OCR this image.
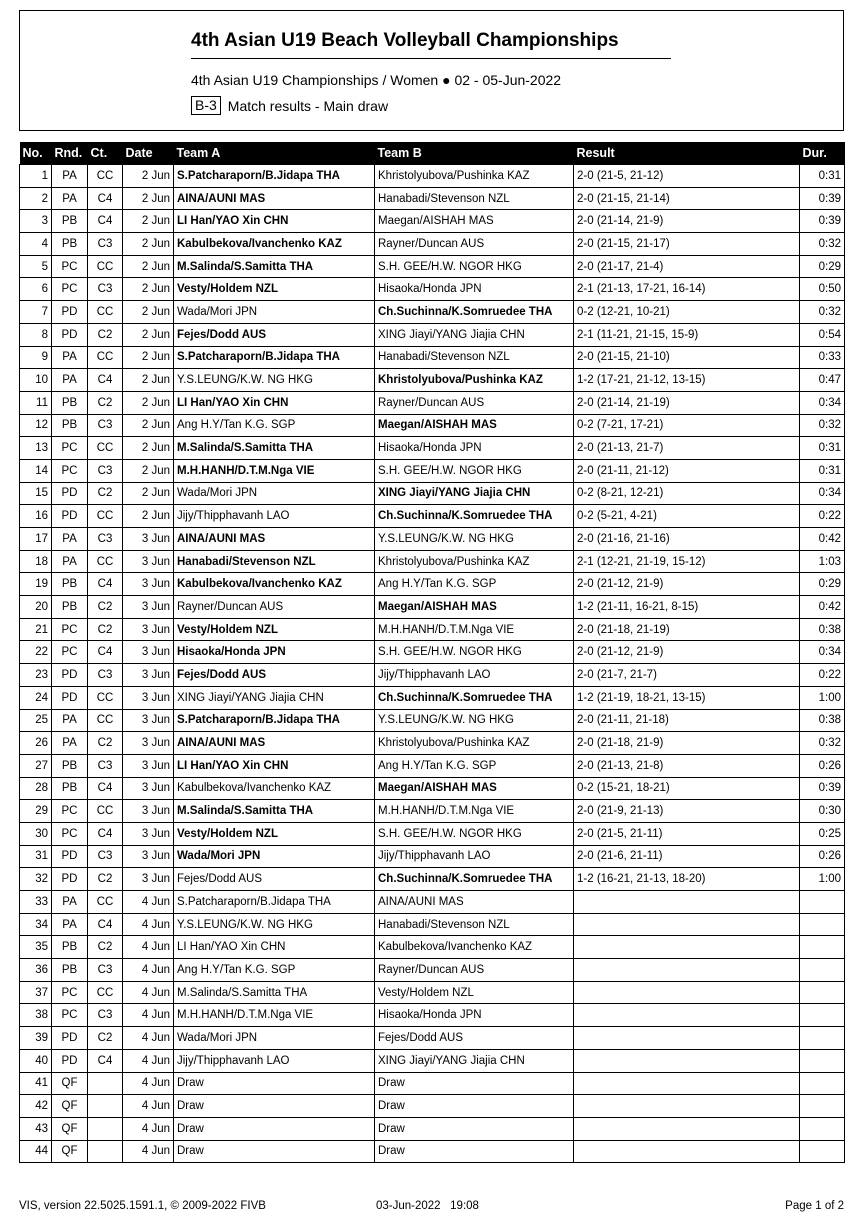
4th Asian U19 Beach Volleyball Championships
4th Asian U19 Championships / Women ● 02 - 05-Jun-2022
B-3 Match results - Main draw
No.	Rnd.	Ct.	Date	Team A	Team B	Result	Dur.
1	PA	CC	2 Jun	S.Patcharaporn/B.Jidapa THA	Khristolyubova/Pushinka KAZ	2-0 (21-5, 21-12)	0:31
2	PA	C4	2 Jun	AINA/AUNI MAS	Hanabadi/Stevenson NZL	2-0 (21-15, 21-14)	0:39
3	PB	C4	2 Jun	LI Han/YAO Xin CHN	Maegan/AISHAH MAS	2-0 (21-14, 21-9)	0:39
4	PB	C3	2 Jun	Kabulbekova/Ivanchenko KAZ	Rayner/Duncan AUS	2-0 (21-15, 21-17)	0:32
5	PC	CC	2 Jun	M.Salinda/S.Samitta THA	S.H. GEE/H.W. NGOR HKG	2-0 (21-17, 21-4)	0:29
6	PC	C3	2 Jun	Vesty/Holdem NZL	Hisaoka/Honda JPN	2-1 (21-13, 17-21, 16-14)	0:50
7	PD	CC	2 Jun	Wada/Mori JPN	Ch.Suchinna/K.Somruedee THA	0-2 (12-21, 10-21)	0:32
8	PD	C2	2 Jun	Fejes/Dodd AUS	XING Jiayi/YANG Jiajia CHN	2-1 (11-21, 21-15, 15-9)	0:54
9	PA	CC	2 Jun	S.Patcharaporn/B.Jidapa THA	Hanabadi/Stevenson NZL	2-0 (21-15, 21-10)	0:33
10	PA	C4	2 Jun	Y.S.LEUNG/K.W. NG HKG	Khristolyubova/Pushinka KAZ	1-2 (17-21, 21-12, 13-15)	0:47
11	PB	C2	2 Jun	LI Han/YAO Xin CHN	Rayner/Duncan AUS	2-0 (21-14, 21-19)	0:34
12	PB	C3	2 Jun	Ang H.Y/Tan K.G. SGP	Maegan/AISHAH MAS	0-2 (7-21, 17-21)	0:32
13	PC	CC	2 Jun	M.Salinda/S.Samitta THA	Hisaoka/Honda JPN	2-0 (21-13, 21-7)	0:31
14	PC	C3	2 Jun	M.H.HANH/D.T.M.Nga VIE	S.H. GEE/H.W. NGOR HKG	2-0 (21-11, 21-12)	0:31
15	PD	C2	2 Jun	Wada/Mori JPN	XING Jiayi/YANG Jiajia CHN	0-2 (8-21, 12-21)	0:34
16	PD	CC	2 Jun	Jijy/Thipphavanh LAO	Ch.Suchinna/K.Somruedee THA	0-2 (5-21, 4-21)	0:22
17	PA	C3	3 Jun	AINA/AUNI MAS	Y.S.LEUNG/K.W. NG HKG	2-0 (21-16, 21-16)	0:42
18	PA	CC	3 Jun	Hanabadi/Stevenson NZL	Khristolyubova/Pushinka KAZ	2-1 (12-21, 21-19, 15-12)	1:03
19	PB	C4	3 Jun	Kabulbekova/Ivanchenko KAZ	Ang H.Y/Tan K.G. SGP	2-0 (21-12, 21-9)	0:29
20	PB	C2	3 Jun	Rayner/Duncan AUS	Maegan/AISHAH MAS	1-2 (21-11, 16-21, 8-15)	0:42
21	PC	C2	3 Jun	Vesty/Holdem NZL	M.H.HANH/D.T.M.Nga VIE	2-0 (21-18, 21-19)	0:38
22	PC	C4	3 Jun	Hisaoka/Honda JPN	S.H. GEE/H.W. NGOR HKG	2-0 (21-12, 21-9)	0:34
23	PD	C3	3 Jun	Fejes/Dodd AUS	Jijy/Thipphavanh LAO	2-0 (21-7, 21-7)	0:22
24	PD	CC	3 Jun	XING Jiayi/YANG Jiajia CHN	Ch.Suchinna/K.Somruedee THA	1-2 (21-19, 18-21, 13-15)	1:00
25	PA	CC	3 Jun	S.Patcharaporn/B.Jidapa THA	Y.S.LEUNG/K.W. NG HKG	2-0 (21-11, 21-18)	0:38
26	PA	C2	3 Jun	AINA/AUNI MAS	Khristolyubova/Pushinka KAZ	2-0 (21-18, 21-9)	0:32
27	PB	C3	3 Jun	LI Han/YAO Xin CHN	Ang H.Y/Tan K.G. SGP	2-0 (21-13, 21-8)	0:26
28	PB	C4	3 Jun	Kabulbekova/Ivanchenko KAZ	Maegan/AISHAH MAS	0-2 (15-21, 18-21)	0:39
29	PC	CC	3 Jun	M.Salinda/S.Samitta THA	M.H.HANH/D.T.M.Nga VIE	2-0 (21-9, 21-13)	0:30
30	PC	C4	3 Jun	Vesty/Holdem NZL	S.H. GEE/H.W. NGOR HKG	2-0 (21-5, 21-11)	0:25
31	PD	C3	3 Jun	Wada/Mori JPN	Jijy/Thipphavanh LAO	2-0 (21-6, 21-11)	0:26
32	PD	C2	3 Jun	Fejes/Dodd AUS	Ch.Suchinna/K.Somruedee THA	1-2 (16-21, 21-13, 18-20)	1:00
33	PA	CC	4 Jun	S.Patcharaporn/B.Jidapa THA	AINA/AUNI MAS		
34	PA	C4	4 Jun	Y.S.LEUNG/K.W. NG HKG	Hanabadi/Stevenson NZL		
35	PB	C2	4 Jun	LI Han/YAO Xin CHN	Kabulbekova/Ivanchenko KAZ		
36	PB	C3	4 Jun	Ang H.Y/Tan K.G. SGP	Rayner/Duncan AUS		
37	PC	CC	4 Jun	M.Salinda/S.Samitta THA	Vesty/Holdem NZL		
38	PC	C3	4 Jun	M.H.HANH/D.T.M.Nga VIE	Hisaoka/Honda JPN		
39	PD	C2	4 Jun	Wada/Mori JPN	Fejes/Dodd AUS		
40	PD	C4	4 Jun	Jijy/Thipphavanh LAO	XING Jiayi/YANG Jiajia CHN		
41	QF		4 Jun	Draw	Draw		
42	QF		4 Jun	Draw	Draw		
43	QF		4 Jun	Draw	Draw		
44	QF		4 Jun	Draw	Draw		
VIS, version 22.5025.1591.1, © 2009-2022 FIVB	03-Jun-2022   19:08	Page 1 of 2
